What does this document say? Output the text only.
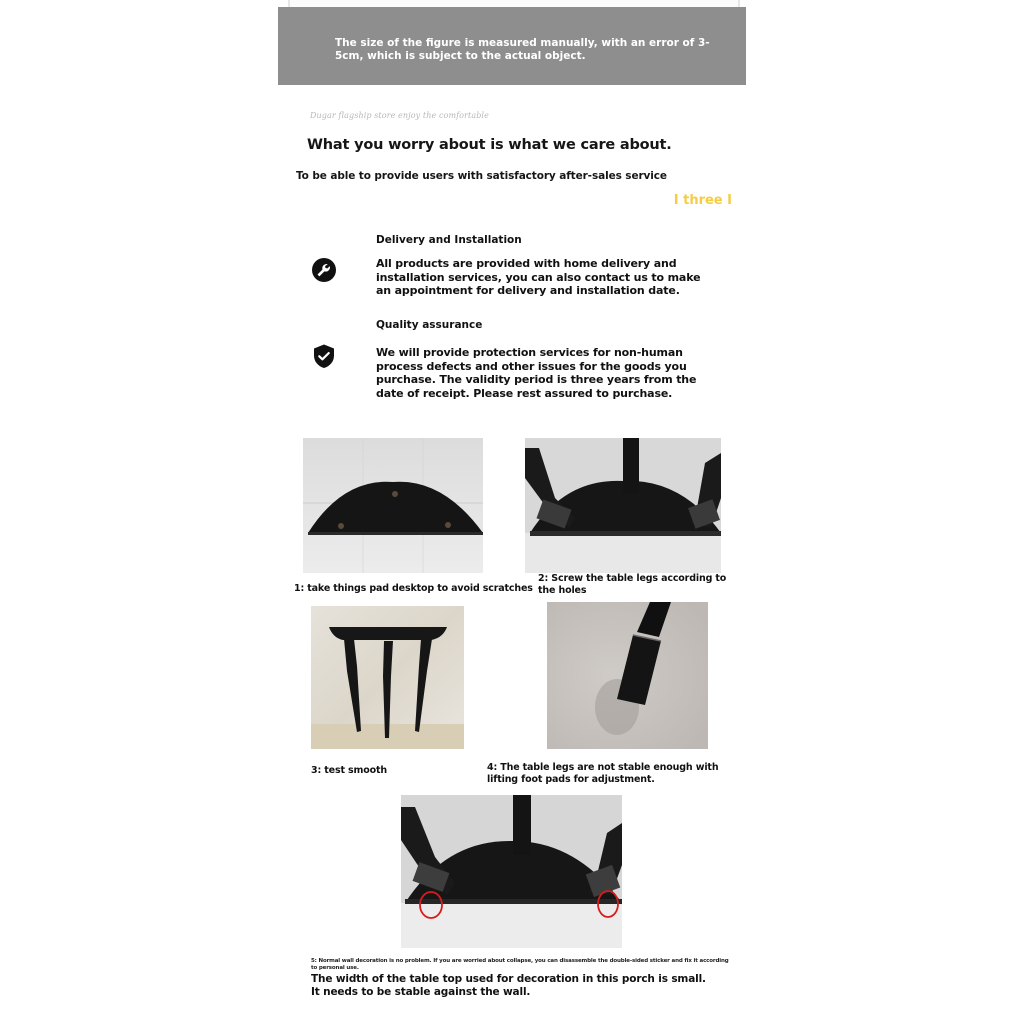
The size of the figure is measured manually, with an error of 3-5cm, which is subject to the actual object.
Dugar flagship store enjoy the comfortable
What you worry about is what we care about.
To be able to provide users with satisfactory after-sales service
I three I
Delivery and Installation
All products are provided with home delivery and installation services, you can also contact us to make an appointment for delivery and installation date.
Quality assurance
We will provide protection services for non-human process defects and other issues for the goods you purchase. The validity period is three years from the date of receipt. Please rest assured to purchase.
1: take things pad desktop to avoid scratches
2: Screw the table legs according to the holes
3: test smooth	4: The table legs are not stable enough with lifting foot pads for adjustment.
5: Normal wall decoration is no problem. If you are worried about collapse, you can disassemble the double-sided sticker and fix it according to personal use.
The width of the table top used for decoration in this porch is small. It needs to be stable against the wall.
